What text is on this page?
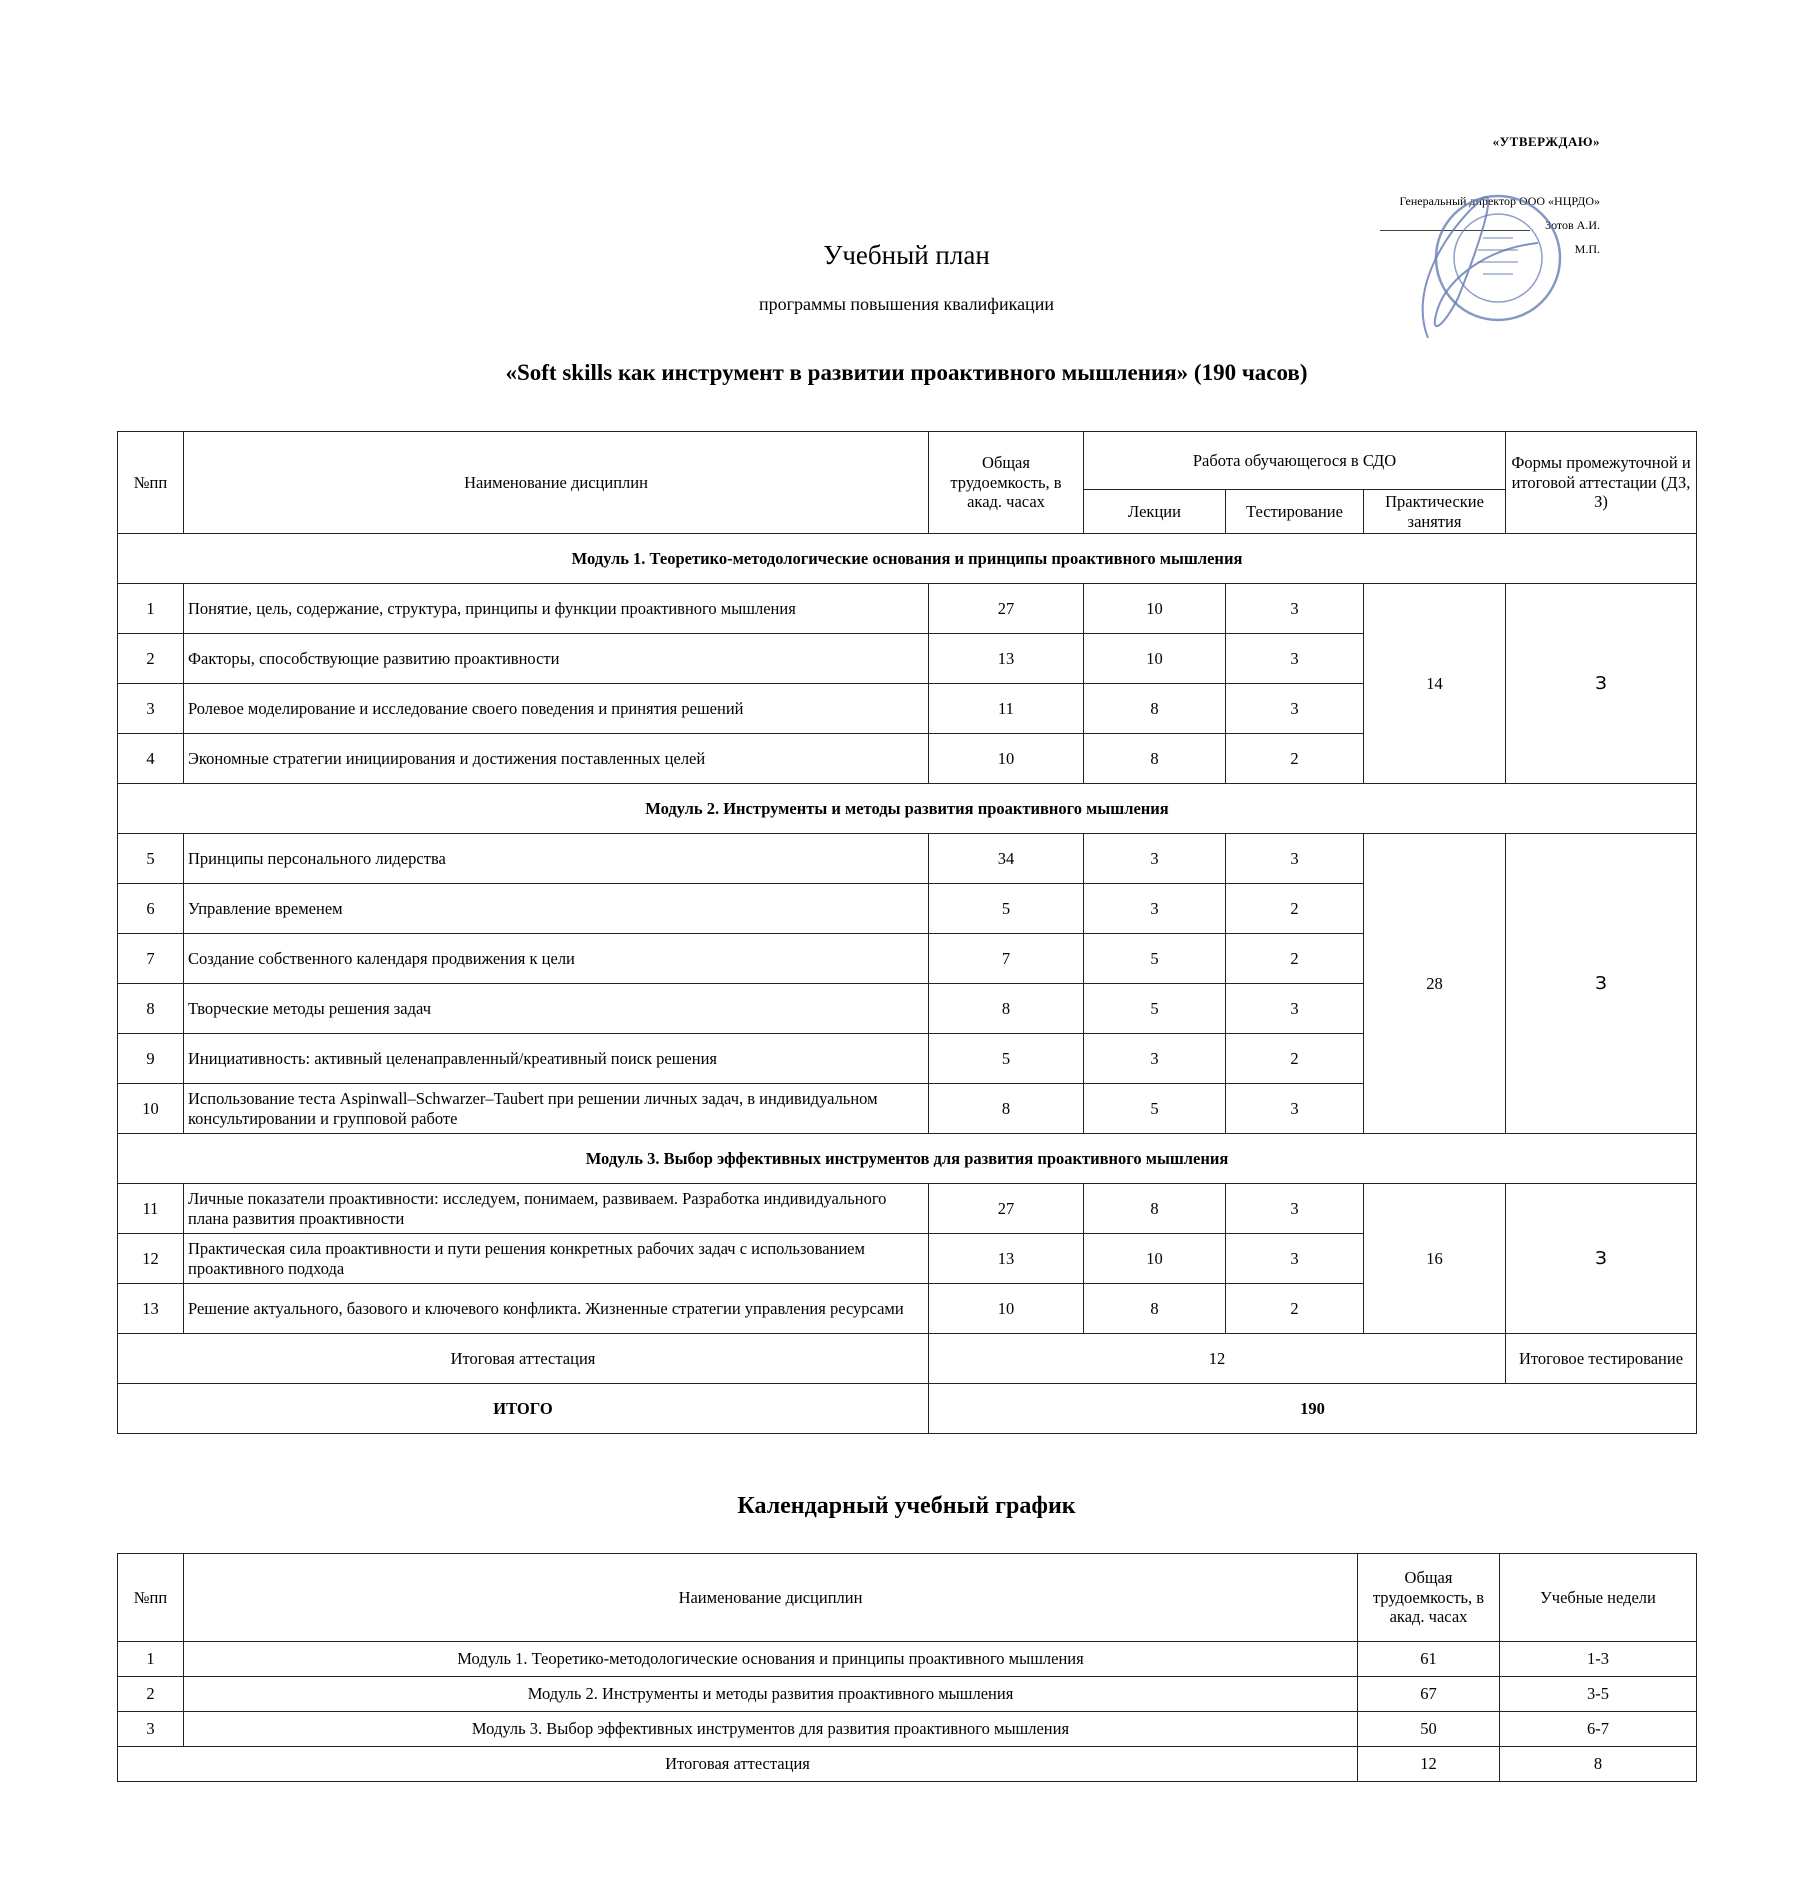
«УТВЕРЖДАЮ»
Генеральный директор ООО «НЦРДО»
Зотов А.И.
М.П.
Учебный план
программы повышения квалификации
«Soft skills как инструмент в развитии проактивного мышления» (190 часов)
№пп	Наименование дисциплин	Общая трудоемкость, в акад. часах	Работа обучающегося в СДО			Формы промежуточной и итоговой аттестации (ДЗ, З)
			Лекции	Тестирование	Практические занятия	
Модуль 1. Теоретико-методологические основания и принципы проактивного мышления						
1	Понятие, цель, содержание, структура, принципы и функции проактивного мышления	27	10	3	14	З
2	Факторы, способствующие развитию проактивности	13	10	3		
3	Ролевое моделирование и исследование своего поведения и принятия решений	11	8	3		
4	Экономные стратегии инициирования и достижения поставленных целей	10	8	2		
Модуль 2. Инструменты и методы развития проактивного мышления						
5	Принципы персонального лидерства	34	3	3	28	З
6	Управление временем	5	3	2		
7	Создание собственного календаря продвижения к цели	7	5	2		
8	Творческие методы решения задач	8	5	3		
9	Инициативность: активный целенаправленный/креативный поиск решения	5	3	2		
10	Использование теста Aspinwall–Schwarzer–Taubert при решении личных задач, в индивидуальном консультировании и групповой работе	8	5	3		
Модуль 3. Выбор эффективных инструментов для развития проактивного мышления						
11	Личные показатели проактивности: исследуем, понимаем, развиваем. Разработка индивидуального плана развития проактивности	27	8	3	16	З
12	Практическая сила проактивности и пути решения конкретных рабочих задач с использованием проактивного подхода	13	10	3		
13	Решение актуального, базового и ключевого конфликта. Жизненные стратегии управления ресурсами	10	8	2		
Итоговая аттестация		12				Итоговое тестирование
ИТОГО		190				
Календарный учебный график
№пп	Наименование дисциплин	Общая трудоемкость, в акад. часах	Учебные недели
1	Модуль 1. Теоретико-методологические основания и принципы проактивного мышления	61	1-3
2	Модуль 2. Инструменты и методы развития проактивного мышления	67	3-5
3	Модуль 3. Выбор эффективных инструментов для развития проактивного мышления	50	6-7
Итоговая аттестация		12	8
